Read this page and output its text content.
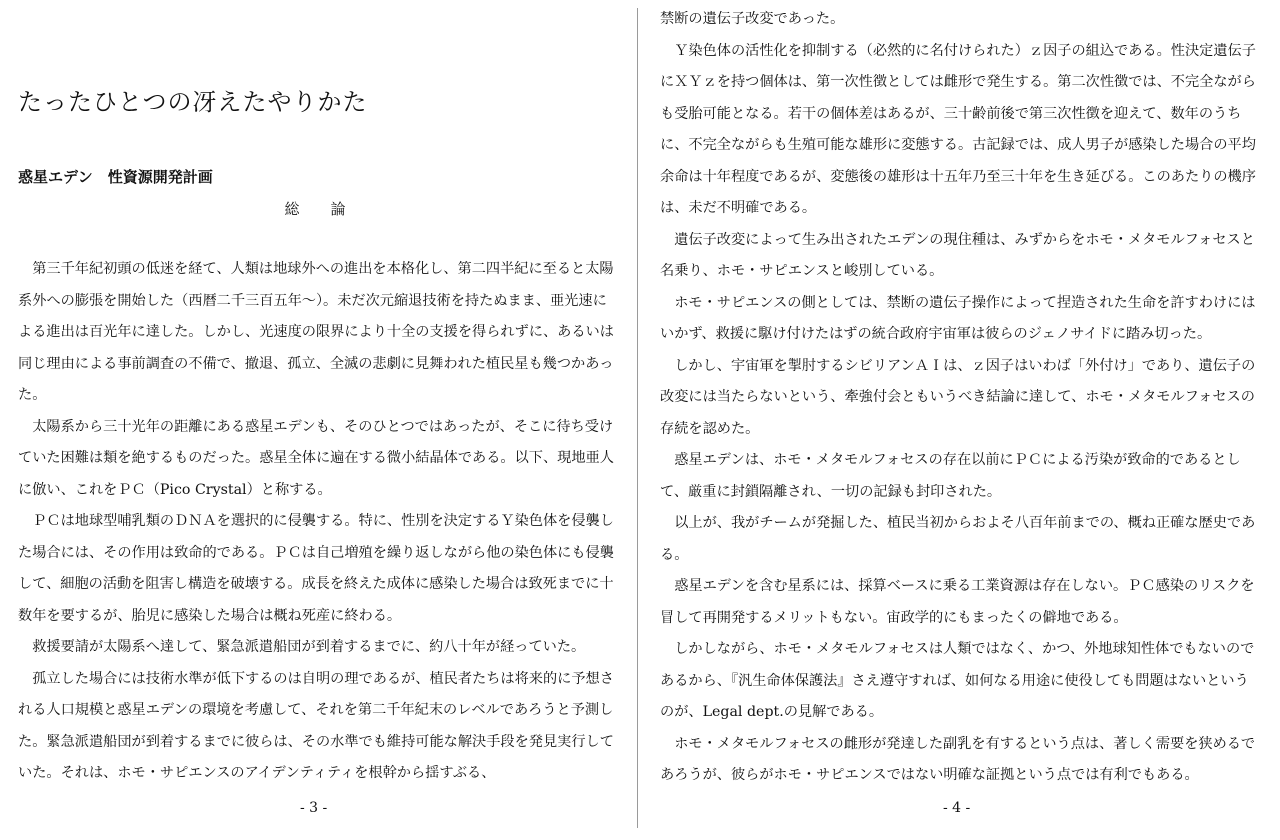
たったひとつの冴えたやりかた
惑星エデン　性資源開発計画
総　論

第三千年紀初頭の低迷を経て、人類は地球外への進出を本格化し、第二四半紀に至ると太陽系外への膨張を開始した（西暦二千三百五年～）。未だ次元縮退技術を持たぬまま、亜光速による進出は百光年に達した。しかし、光速度の限界により十全の支援を得られずに、あるいは同じ理由による事前調査の不備で、撤退、孤立、全滅の悲劇に見舞われた植民星も幾つかあった。

太陽系から三十光年の距離にある惑星エデンも、そのひとつではあったが、そこに待ち受けていた困難は類を絶するものだった。惑星全体に遍在する微小結晶体である。以下、現地亜人に倣い、これをＰＣ（Pico Crystal）と称する。

ＰＣは地球型哺乳類のＤＮＡを選択的に侵襲する。特に、性別を決定するＹ染色体を侵襲した場合には、その作用は致命的である。ＰＣは自己増殖を繰り返しながら他の染色体にも侵襲して、細胞の活動を阻害し構造を破壊する。成長を終えた成体に感染した場合は致死までに十数年を要するが、胎児に感染した場合は概ね死産に終わる。

救援要請が太陽系へ達して、緊急派遣船団が到着するまでに、約八十年が経っていた。

孤立した場合には技術水準が低下するのは自明の理であるが、植民者たちは将来的に予想される人口規模と惑星エデンの環境を考慮して、それを第二千年紀末のレベルであろうと予測した。緊急派遣船団が到着するまでに彼らは、その水準でも維持可能な解決手段を発見実行していた。それは、ホモ・サピエンスのアイデンティティを根幹から揺すぶる、

- 3 -

禁断の遺伝子改変であった。

Ｙ染色体の活性化を抑制する（必然的に名付けられた）ｚ因子の組込である。性決定遺伝子にＸＹｚを持つ個体は、第一次性徴としては雌形で発生する。第二次性徴では、不完全ながらも受胎可能となる。若干の個体差はあるが、三十齢前後で第三次性徴を迎えて、数年のうちに、不完全ながらも生殖可能な雄形に変態する。古記録では、成人男子が感染した場合の平均余命は十年程度であるが、変態後の雄形は十五年乃至三十年を生き延びる。このあたりの機序は、未だ不明確である。

遺伝子改変によって生み出されたエデンの現住種は、みずからをホモ・メタモルフォセスと名乗り、ホモ・サピエンスと峻別している。

ホモ・サピエンスの側としては、禁断の遺伝子操作によって捏造された生命を許すわけにはいかず、救援に駆け付けたはずの統合政府宇宙軍は彼らのジェノサイドに踏み切った。

しかし、宇宙軍を掣肘するシビリアンＡＩは、ｚ因子はいわば「外付け」であり、遺伝子の改変には当たらないという、牽強付会ともいうべき結論に達して、ホモ・メタモルフォセスの存続を認めた。

惑星エデンは、ホモ・メタモルフォセスの存在以前にＰＣによる汚染が致命的であるとして、厳重に封鎖隔離され、一切の記録も封印された。

以上が、我がチームが発掘した、植民当初からおよそ八百年前までの、概ね正確な歴史である。

惑星エデンを含む星系には、採算ベースに乗る工業資源は存在しない。ＰＣ感染のリスクを冒して再開発するメリットもない。宙政学的にもまったくの僻地である。

しかしながら、ホモ・メタモルフォセスは人類ではなく、かつ、外地球知性体でもないのであるから、『汎生命体保護法』さえ遵守すれば、如何なる用途に使役しても問題はないというのが、Legal dept.の見解である。

ホモ・メタモルフォセスの雌形が発達した副乳を有するという点は、著しく需要を狭めるであろうが、彼らがホモ・サピエンスではない明確な証拠という点では有利でもある。

- 4 -
